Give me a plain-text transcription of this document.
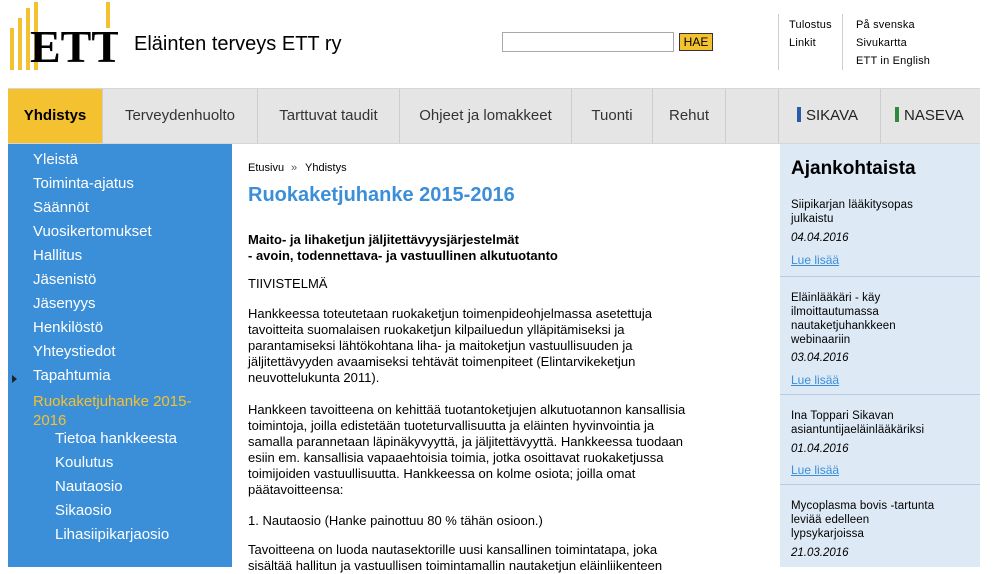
ETT Eläinten terveys ETT ry	HAE
Tulostus
Linkit
På svenska
Sivukartta
ETT in English
Yhdistys	Terveydenhuolto	Tarttuvat taudit	Ohjeet ja lomakkeet	Tuonti	Rehut	SIKAVA	NASEVA
Yleistä
Toiminta-ajatus
Säännöt
Vuosikertomukset
Hallitus
Jäsenistö
Jäsenyys
Henkilöstö
Yhteystiedot
Tapahtumia
Ruokaketjuhanke 2015-2016
Tietoa hankkeesta
Koulutus
Nautaosio
Sikaosio
Lihasiipikarjaosio
Etusivu » Yhdistys
Ruokaketjuhanke 2015-2016

Maito- ja lihaketjun jäljitettävyysjärjestelmät
- avoin, todennettava- ja vastuullinen alkutuotanto

TIIVISTELMÄ

Hankkeessa toteutetaan ruokaketjun toimenpideohjelmassa asetettuja
tavoitteita suomalaisen ruokaketjun kilpailuedun ylläpitämiseksi ja
parantamiseksi lähtökohtana liha- ja maitoketjun vastuullisuuden ja
jäljitettävyyden avaamiseksi tehtävät toimenpiteet (Elintarvikeketjun
neuvottelukunta 2011).

Hankkeen tavoitteena on kehittää tuotantoketjujen alkutuotannon kansallisia
toimintoja, joilla edistetään tuoteturvallisuutta ja eläinten hyvinvointia ja
samalla parannetaan läpinäkyvyyttä, ja jäljitettävyyttä. Hankkeessa tuodaan
esiin em. kansallisia vapaaehtoisia toimia, jotka osoittavat ruokaketjussa
toimijoiden vastuullisuutta. Hankkeessa on kolme osiota; joilla omat
päätavoitteensa:

1. Nautaosio (Hanke painottuu 80 % tähän osioon.)

Tavoitteena on luoda nautasektorille uusi kansallinen toimintatapa, joka
sisältää hallitun ja vastuullisen toimintamallin nautaketjun eläinliikenteen

Ajankohtaista
Siipikarjan lääkitysopas
julkaistu
04.04.2016
Lue lisää
Eläinlääkäri - käy
ilmoittautumassa
nautaketjuhankkeen
webinaariin
03.04.2016
Lue lisää
Ina Toppari Sikavan
asiantuntijaeläinlääkäriksi
01.04.2016
Lue lisää
Mycoplasma bovis -tartunta
leviää edelleen
lypsykarjoissa
21.03.2016
